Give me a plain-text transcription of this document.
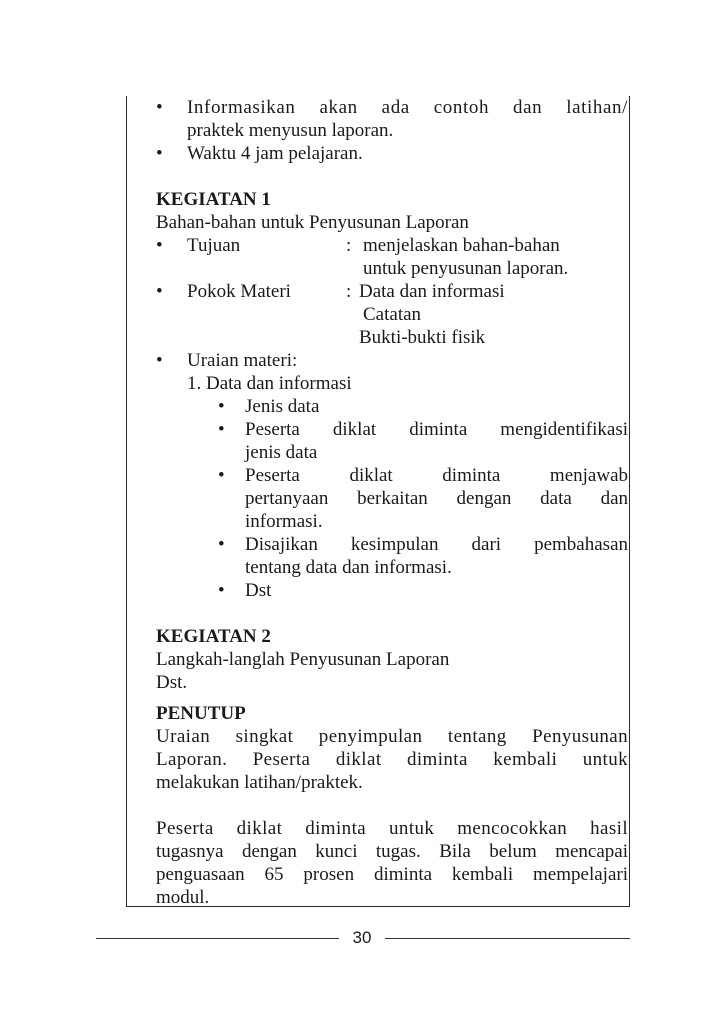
• Informasikan akan ada contoh dan latihan/
praktek menyusun laporan.
• Waktu 4 jam pelajaran.
KEGIATAN 1
Bahan-bahan untuk Penyusunan Laporan
• Tujuan	: menjelaskan bahan-bahan
untuk penyusunan laporan.
• Pokok Materi	: Data dan informasi
Catatan
Bukti-bukti fisik
• Uraian materi:
1. Data dan informasi
• Jenis data
• Peserta diklat diminta mengidentifikasi
jenis data
• Peserta diklat diminta menjawab
pertanyaan berkaitan dengan data dan
informasi.
• Disajikan kesimpulan dari pembahasan
tentang data dan informasi.
• Dst
KEGIATAN 2
Langkah-langlah Penyusunan Laporan
Dst.
PENUTUP
Uraian singkat penyimpulan tentang Penyusunan
Laporan. Peserta diklat diminta kembali untuk
melakukan latihan/praktek.
Peserta diklat diminta untuk mencocokkan hasil
tugasnya dengan kunci tugas. Bila belum mencapai
penguasaan 65 prosen diminta kembali mempelajari
modul.
30
